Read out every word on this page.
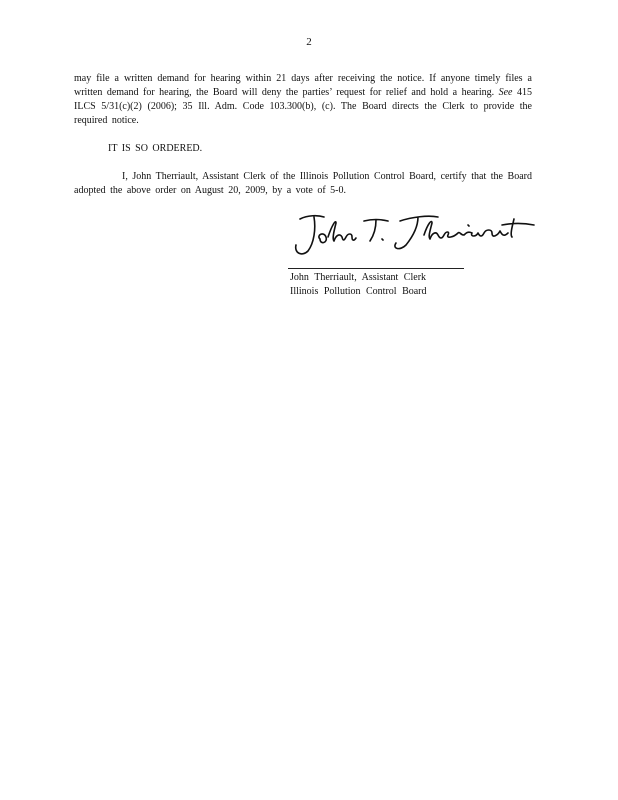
2
may file a written demand for hearing within 21 days after receiving the notice. If anyone timely files a written demand for hearing, the Board will deny the parties’ request for relief and hold a hearing. See 415 ILCS 5/31(c)(2) (2006); 35 Ill. Adm. Code 103.300(b), (c). The Board directs the Clerk to provide the required notice.
IT IS SO ORDERED.
I, John Therriault, Assistant Clerk of the Illinois Pollution Control Board, certify that the Board adopted the above order on August 20, 2009, by a vote of 5-0.
John Therriault, Assistant Clerk
Illinois Pollution Control Board
